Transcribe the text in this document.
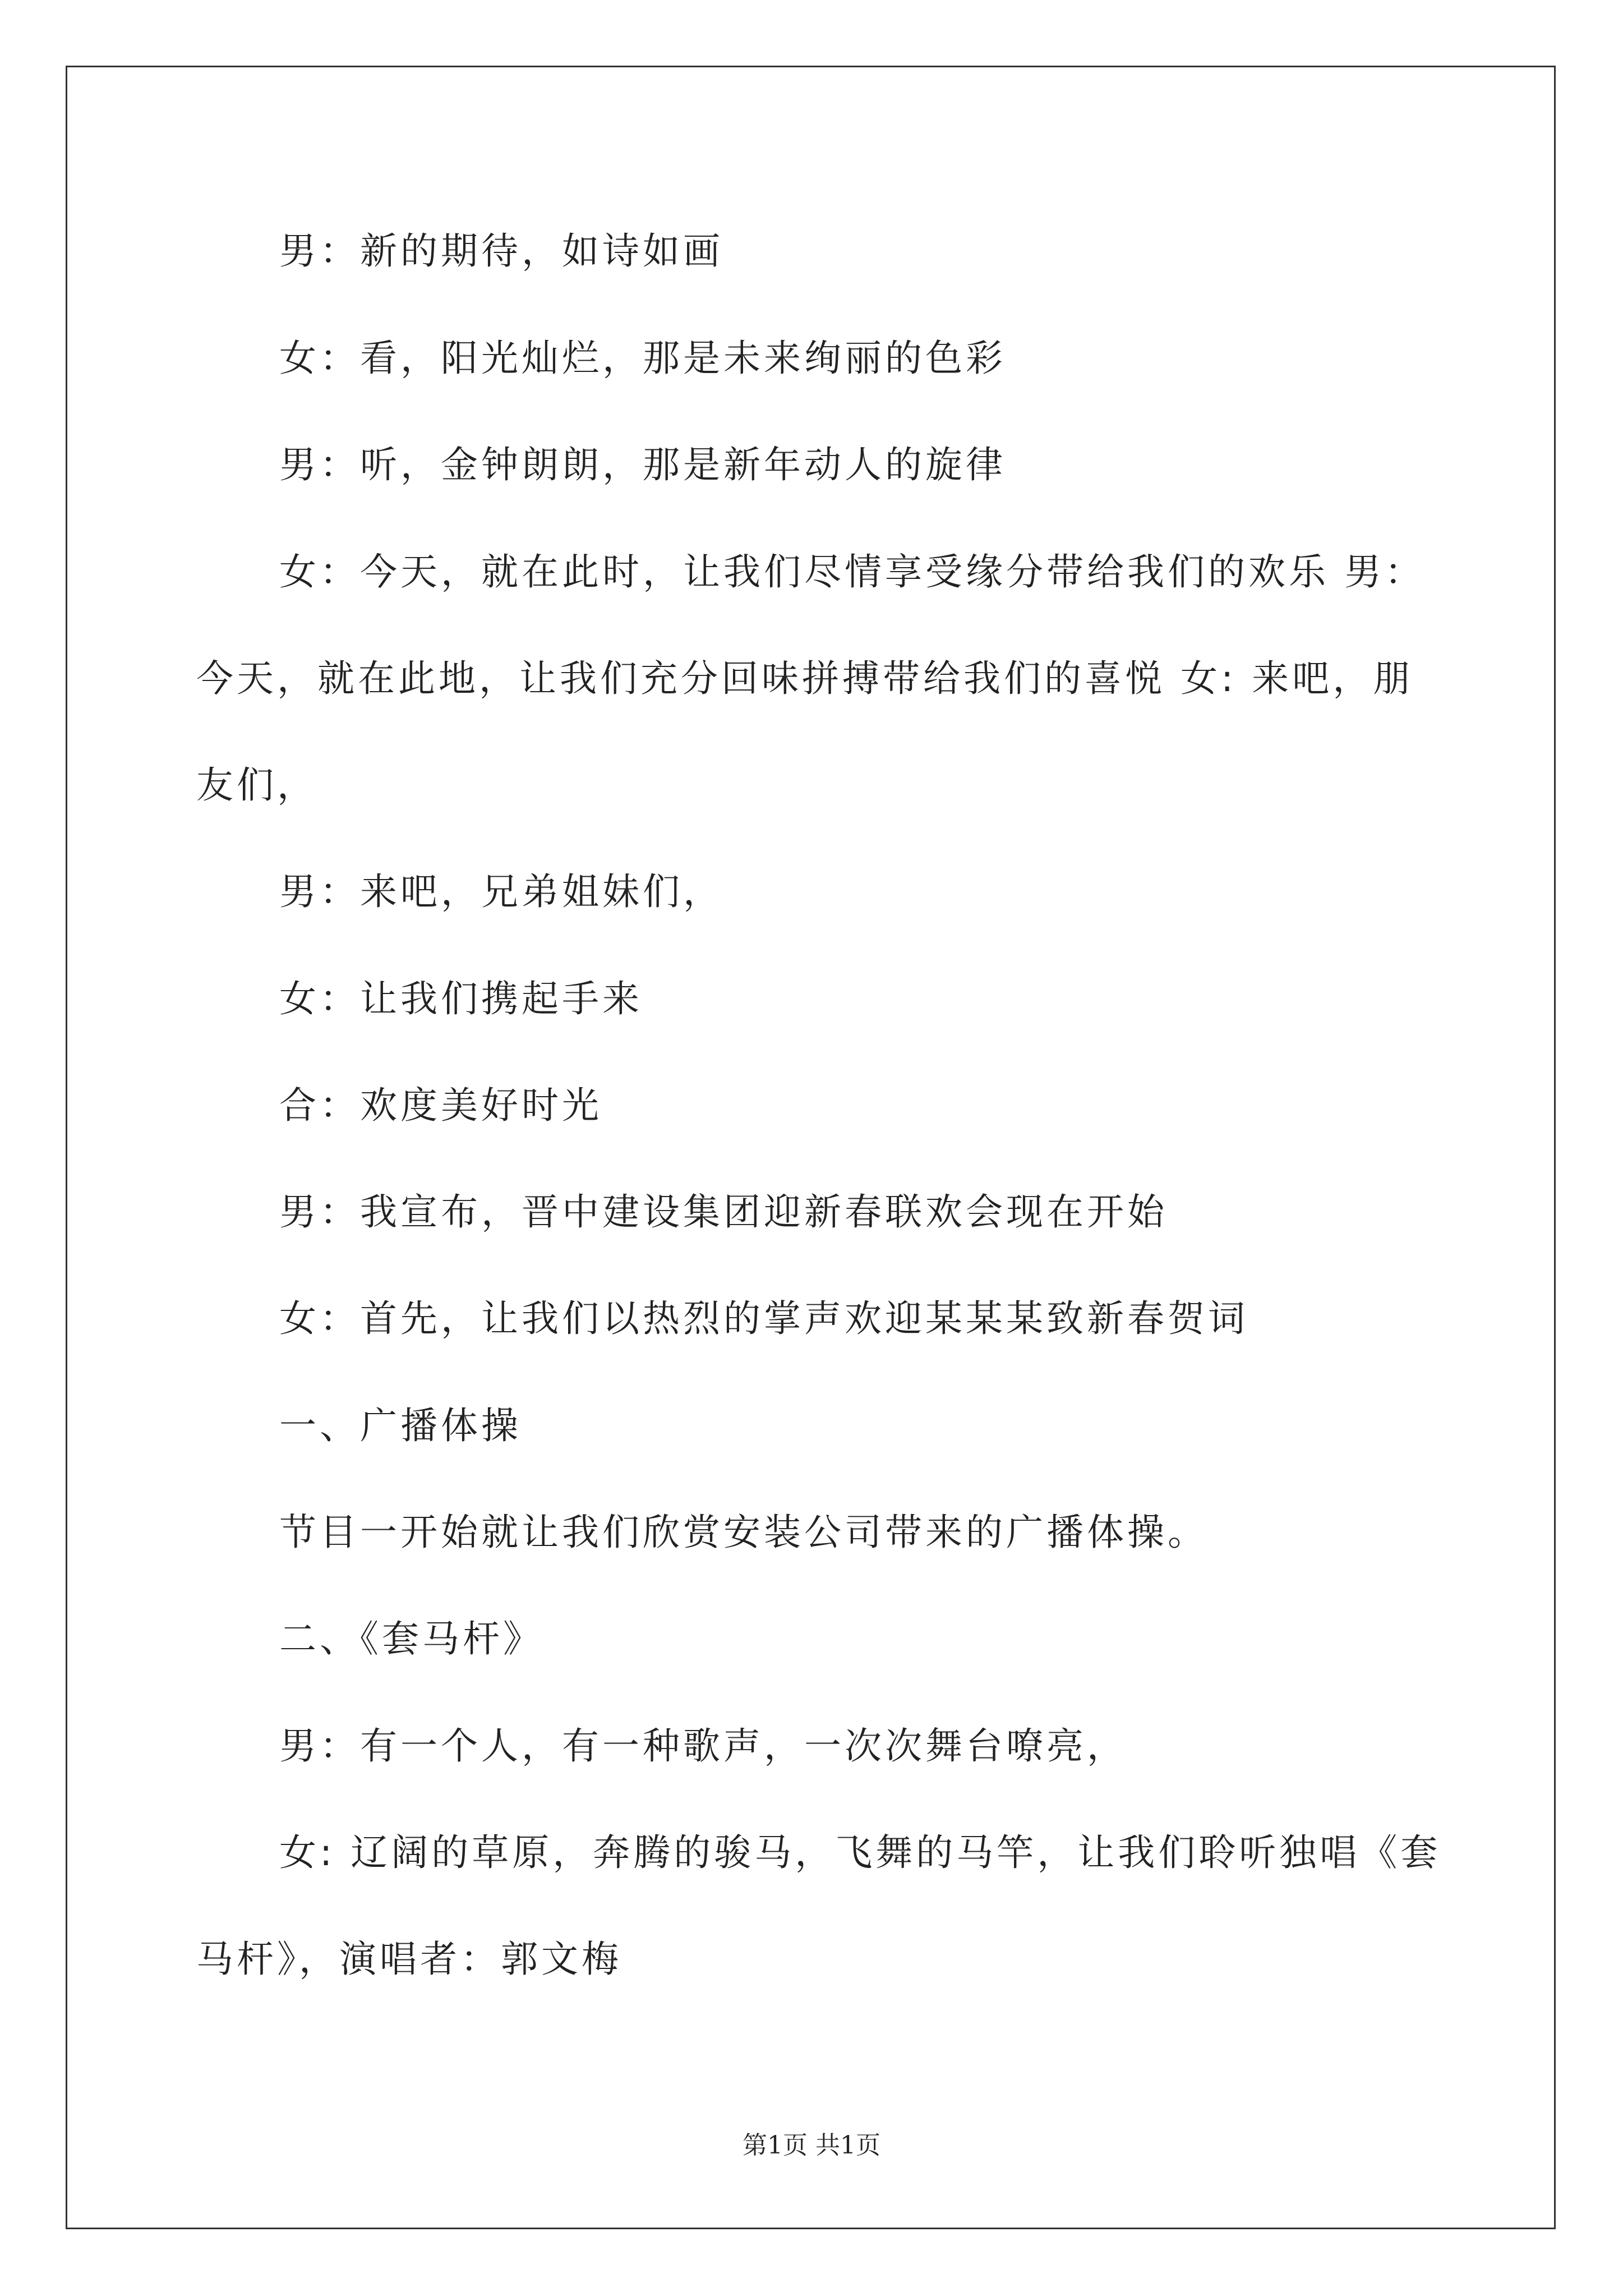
男：新的期待，如诗如画
女：看，阳光灿烂，那是未来绚丽的色彩
男：听，金钟朗朗，那是新年动人的旋律
女：今天，就在此时，让我们尽情享受缘分带给我们的欢乐 男：
今天，就在此地，让我们充分回味拼搏带给我们的喜悦 女: 来吧，朋
友们，
男：来吧，兄弟姐妹们，
女：让我们携起手来
合：欢度美好时光
男：我宣布，晋中建设集团迎新春联欢会现在开始
女：首先，让我们以热烈的掌声欢迎某某某致新春贺词
一、广播体操
节目一开始就让我们欣赏安装公司带来的广播体操。
二、《套马杆》
男：有一个人，有一种歌声，一次次舞台嘹亮，
女: 辽阔的草原，奔腾的骏马，飞舞的马竿，让我们聆听独唱《套
马杆》，演唱者：郭文梅
第1页 共1页
